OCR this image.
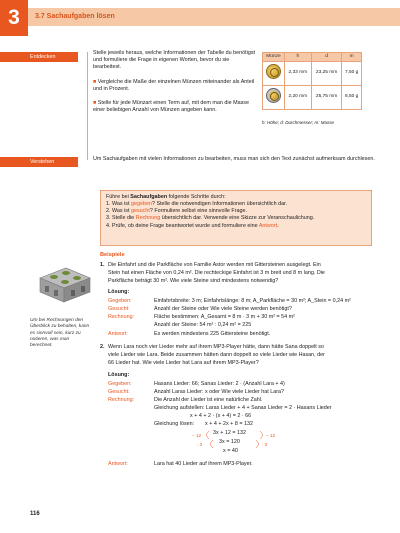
3	3.7 Sachaufgaben lösen
Entdecken
Stelle jeweils heraus, welche Informationen der Tabelle du benötigst und formuliere die Frage in eigenen Worten, bevor du sie bearbeitest.
■ Vergleiche die Maße der einzelnen Münzen miteinander als Anteil und in Prozent.
■ Stelle für jede Münzart einen Term auf, mit dem man die Masse einer beliebigen Anzahl von Münzen angeben kann.
Münze	h	d	m
	2,33 mm	23,25 mm	7,50 g
	2,20 mm	25,75 mm	8,50 g
h: Höhe; d: Durchmesser; m: Masse
Verstehen	Um Sachaufgaben mit vielen Informationen zu bearbeiten, muss man sich den Text zunächst aufmerksam durchlesen.
Führe bei Sachaufgaben folgende Schritte durch:
1. Was ist gegeben? Stelle die notwendigen Informationen übersichtlich dar.
2. Was ist gesucht? Formuliere selbst eine sinnvolle Frage.
3. Stelle die Rechnung übersichtlich dar. Verwende eine Skizze zur Veranschaulichung.
4. Prüfe, ob deine Frage beantwortet wurde und formuliere eine Antwort.
Um bei Rechnungen den Überblick zu behalten, kann es sinnvoll sein, kurz zu notieren, was man berechnet.
Beispiele
1. Die Einfahrt und die Parkfläche von Familie Astor werden mit Gittersteinen ausgelegt. Ein
Stein hat einen Fläche von 0,24 m². Die rechteckige Einfahrt ist 3 m breit und 8 m lang. Die
Parkfläche beträgt 30 m². Wie viele Steine sind mindestens notwendig?
Lösung:
Gegeben:	Einfahrtsbreite: 3 m; Einfahrtslänge: 8 m; A_Parkfläche = 30 m²; A_Stein = 0,24 m²
Gesucht:	Anzahl der Steine oder Wie viele Steine werden benötigt?
Rechnung:	Fläche bestimmen: A_Gesamt = 8 m · 3 m + 30 m² = 54 m²
Anzahl der Steine: 54 m² : 0,24 m² = 225
Antwort:	Es werden mindestens 225 Gittersteine benötigt.
2. Wenn Lara noch vier Lieder mehr auf ihrem MP3-Player hätte, dann hätte Sana doppelt so
viele Lieder wie Lara. Beide zusammen hätten dann doppelt so viele Lieder wie Hasan, der
66 Lieder hat. Wie viele Lieder hat Lara auf ihrem MP3-Player?
Lösung:
Gegeben:	Hasans Lieder: 66; Sanas Lieder: 2 · (Anzahl Lara + 4)
Gesucht:	Anzahl Laras Lieder: x oder Wie viele Lieder hat Lara?
Rechnung:	Die Anzahl der Lieder ist eine natürliche Zahl.
Gleichung aufstellen: Laras Lieder + 4 + Sanas Lieder = 2 · Hasans Lieder
x + 4 + 2 · (x + 4) = 2 · 66
Gleichung lösen: x + 4 + 2x + 8 = 132
3x + 12 = 132
3x = 120
x = 40
− 12
: 3
− 12
: 3
Antwort:	Lara hat 40 Lieder auf ihrem MP3-Player.
116
